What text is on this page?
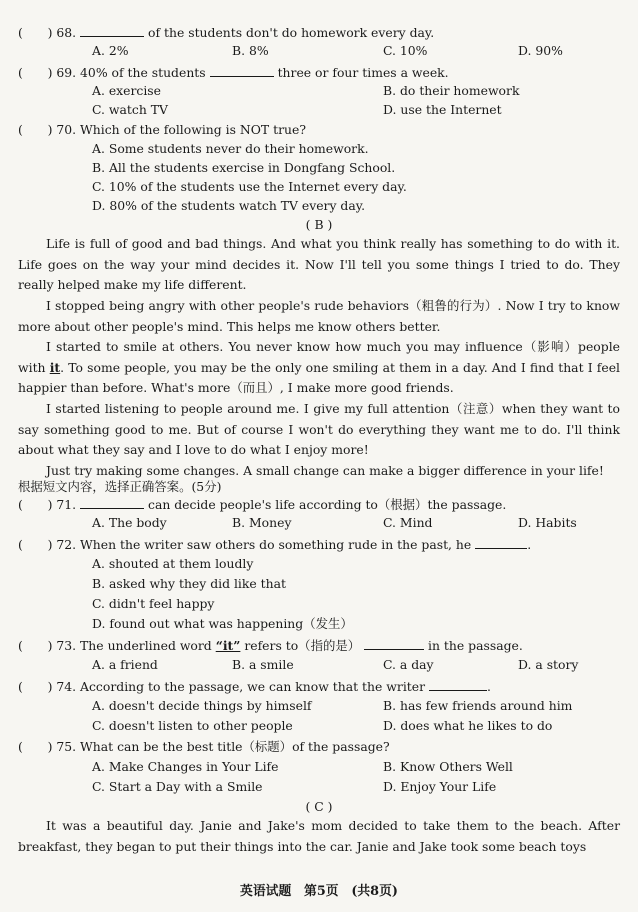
(　　) 68.	of the students don't do homework every day.
A. 2%	B. 8%	C. 10%	D. 90%
(　　) 69. 40% of the students	three or four times a week.
A. exercise	B. do their homework
C. watch TV	D. use the Internet
(　　) 70. Which of the following is NOT true?
A. Some students never do their homework.
B. All the students exercise in Dongfang School.
C. 10% of the students use the Internet every day.
D. 80% of the students watch TV every day.
( B )
Life is full of good and bad things. And what you think really has something to do with it. Life goes on the way your mind decides it. Now I'll tell you some things I tried to do. They really helped make my life different.
I stopped being angry with other people's rude behaviors（粗鲁的行为）. Now I try to know more about other people's mind. This helps me know others better.
I started to smile at others. You never know how much you may influence（影响）people with it. To some people, you may be the only one smiling at them in a day. And I find that I feel happier than before. What's more（而且）, I make more good friends.
I started listening to people around me. I give my full attention（注意）when they want to say something good to me. But of course I won't do everything they want me to do. I'll think about what they say and I love to do what I enjoy more!
Just try making some changes. A small change can make a bigger difference in your life!
根据短文内容，选择正确答案。(5分)
(　　) 71.	can decide people's life according to（根据）the passage.
A. The body	B. Money	C. Mind	D. Habits
(　　) 72. When the writer saw others do something rude in the past, he	.
A. shouted at them loudly
B. asked why they did like that
C. didn't feel happy
D. found out what was happening（发生）
(　　) 73. The underlined word “it” refers to（指的是）	in the passage.
A. a friend	B. a smile	C. a day	D. a story
(　　) 74. According to the passage, we can know that the writer	.
A. doesn't decide things by himself	B. has few friends around him
C. doesn't listen to other people	D. does what he likes to do
(　　) 75. What can be the best title（标题）of the passage?
A. Make Changes in Your Life	B. Know Others Well
C. Start a Day with a Smile	D. Enjoy Your Life
( C )
It was a beautiful day. Janie and Jake's mom decided to take them to the beach. After breakfast, they began to put their things into the car. Janie and Jake took some beach toys
英语试题　第5页　(共8页)
